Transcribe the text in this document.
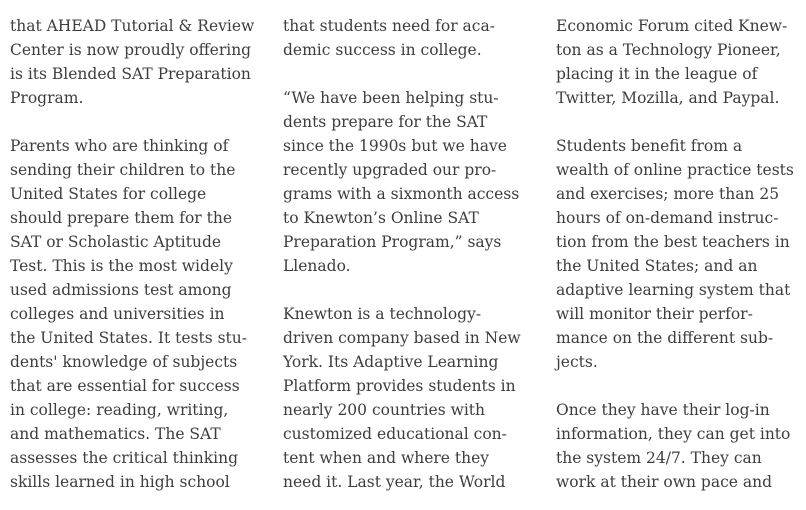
that AHEAD Tutorial & Review
Center is now proudly offering
is its Blended SAT Preparation
Program.
Parents who are thinking of
sending their children to the
United States for college
should prepare them for the
SAT or Scholastic Aptitude
Test. This is the most widely
used admissions test among
colleges and universities in
the United States. It tests stu-
dents' knowledge of subjects
that are essential for success
in college: reading, writing,
and mathematics. The SAT
assesses the critical thinking
skills learned in high school
that students need for aca-
demic success in college.
“We have been helping stu-
dents prepare for the SAT
since the 1990s but we have
recently upgraded our pro-
grams with a sixmonth access
to Knewton’s Online SAT
Preparation Program,” says
Llenado.
Knewton is a technology-
driven company based in New
York. Its Adaptive Learning
Platform provides students in
nearly 200 countries with
customized educational con-
tent when and where they
need it. Last year, the World
Economic Forum cited Knew-
ton as a Technology Pioneer,
placing it in the league of
Twitter, Mozilla, and Paypal.
Students benefit from a
wealth of online practice tests
and exercises; more than 25
hours of on-demand instruc-
tion from the best teachers in
the United States; and an
adaptive learning system that
will monitor their perfor-
mance on the different sub-
jects.
Once they have their log-in
information, they can get into
the system 24/7. They can
work at their own pace and
